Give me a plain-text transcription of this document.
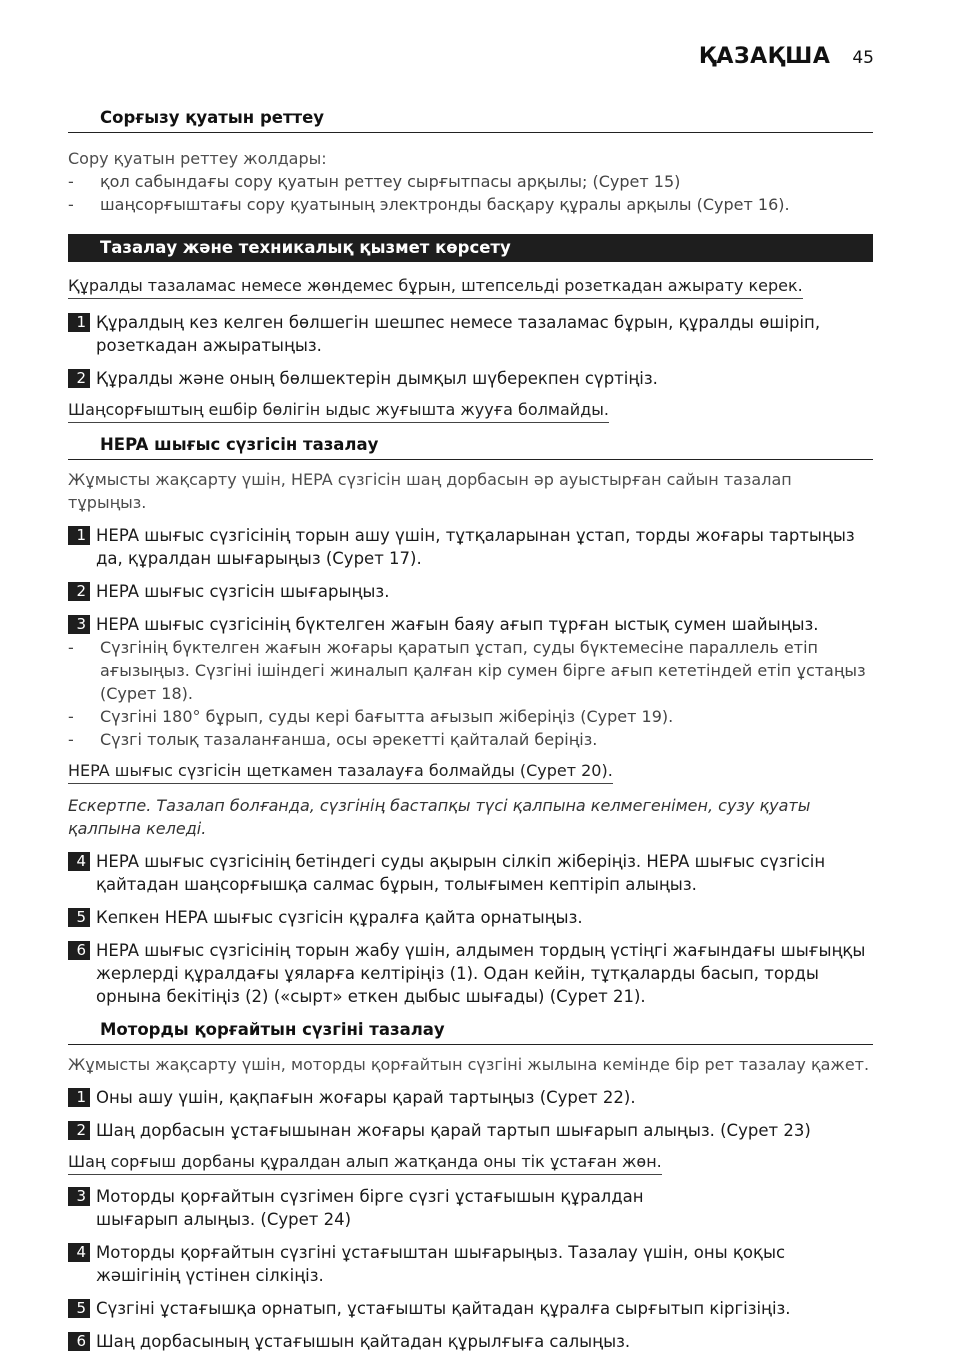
ҚАЗАҚША 45
Сорғызу қуатын реттеу
Сору қуатын реттеу жолдары:
-	қол сабындағы сору қуатын реттеу сырғытпасы арқылы; (Сурет 15)
-	шаңсорғыштағы сору қуатының электронды басқару құралы арқылы (Сурет 16).
Тазалау және техникалық қызмет көрсету
Құралды тазаламас немесе жөндемес бұрын, штепсельді розеткадан ажырату керек.
1 Құралдың кез келген бөлшегін шешпес немесе тазаламас бұрын, құралды өшіріп, розеткадан ажыратыңыз.
2 Құралды және оның бөлшектерін дымқыл шүберекпен сүртіңіз.
Шаңсорғыштың ешбір бөлігін ыдыс жуғышта жууға болмайды.
HEPA шығыс сүзгісін тазалау
Жұмысты жақсарту үшін, HEPA сүзгісін шаң дорбасын әр ауыстырған сайын тазалап тұрыңыз.
1 HEPA шығыс сүзгісінің торын ашу үшін, тұтқаларынан ұстап, торды жоғары тартыңыз да, құралдан шығарыңыз (Сурет 17).
2 HEPA шығыс сүзгісін шығарыңыз.
3 HEPA шығыс сүзгісінің бүктелген жағын баяу ағып тұрған ыстық сумен шайыңыз.
-	Сүзгінің бүктелген жағын жоғары қаратып ұстап, суды бүктемесіне параллель етіп ағызыңыз. Сүзгіні ішіндегі жиналып қалған кір сумен бірге ағып кететіндей етіп ұстаңыз (Сурет 18).
-	Сүзгіні 180° бұрып, суды кері бағытта ағызып жіберіңіз (Сурет 19).
-	Сүзгі толық тазаланғанша, осы әрекетті қайталай беріңіз.
HEPA шығыс сүзгісін щеткамен тазалауға болмайды (Сурет 20).
Ескертпе. Тазалап болғанда, сүзгінің бастапқы түсі қалпына келмегенімен, сузу қуаты қалпына келеді.
4 HEPA шығыс сүзгісінің бетіндегі суды ақырын сілкіп жіберіңіз. HEPA шығыс сүзгісін қайтадан шаңсорғышқа салмас бұрын, толығымен кептіріп алыңыз.
5 Кепкен HEPA шығыс сүзгісін құралға қайта орнатыңыз.
6 HEPA шығыс сүзгісінің торын жабу үшін, алдымен тордың үстіңгі жағындағы шығыңқы жерлерді құралдағы ұяларға келтіріңіз (1). Одан кейін, тұтқаларды басып, торды орнына бекітіңіз (2) («сырт» еткен дыбыс шығады) (Сурет 21).
Моторды қорғайтын сүзгіні тазалау
Жұмысты жақсарту үшін, моторды қорғайтын сүзгіні жылына кемінде бір рет тазалау қажет.
1 Оны ашу үшін, қақпағын жоғары қарай тартыңыз (Сурет 22).
2 Шаң дорбасын ұстағышынан жоғары қарай тартып шығарып алыңыз. (Сурет 23)
Шаң сорғыш дорбаны құралдан алып жатқанда оны тік ұстаған жөн.
3 Моторды қорғайтын сүзгімен бірге сүзгі ұстағышын құралдан шығарып алыңыз. (Сурет 24)
4 Моторды қорғайтын сүзгіні ұстағыштан шығарыңыз. Тазалау үшін, оны қоқыс жәшігінің үстінен сілкіңіз.
5 Сүзгіні ұстағышқа орнатып, ұстағышты қайтадан құралға сырғытып кіргізіңіз.
6 Шаң дорбасының ұстағышын қайтадан құрылғыға салыңыз.
